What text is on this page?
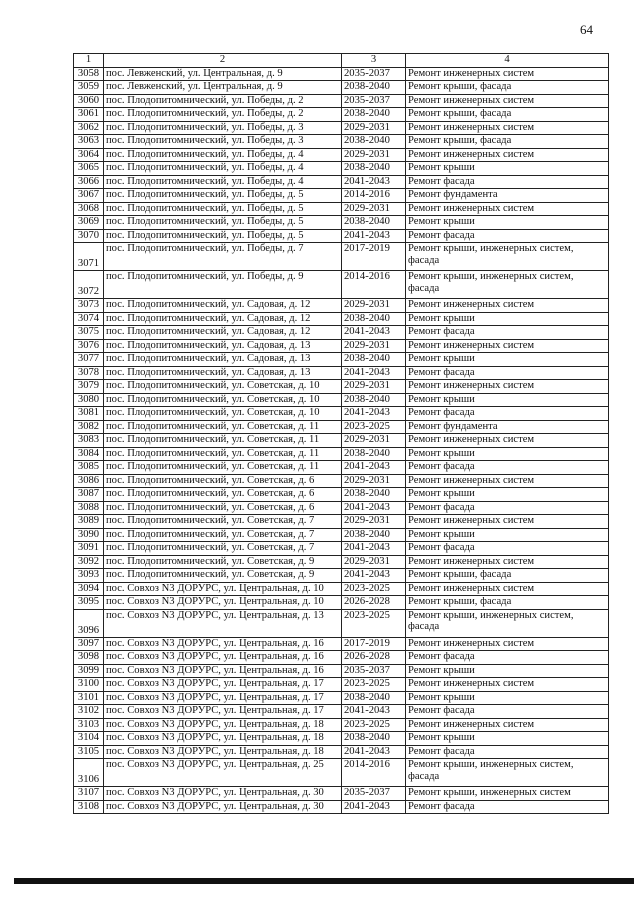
64
1	2	3	4
3058	пос. Левженский, ул. Центральная, д. 9	2035-2037	Ремонт инженерных систем
3059	пос. Левженский, ул. Центральная, д. 9	2038-2040	Ремонт крыши, фасада
3060	пос. Плодопитомнический, ул. Победы, д. 2	2035-2037	Ремонт инженерных систем
3061	пос. Плодопитомнический, ул. Победы, д. 2	2038-2040	Ремонт крыши, фасада
3062	пос. Плодопитомнический, ул. Победы, д. 3	2029-2031	Ремонт инженерных систем
3063	пос. Плодопитомнический, ул. Победы, д. 3	2038-2040	Ремонт крыши, фасада
3064	пос. Плодопитомнический, ул. Победы, д. 4	2029-2031	Ремонт инженерных систем
3065	пос. Плодопитомнический, ул. Победы, д. 4	2038-2040	Ремонт крыши
3066	пос. Плодопитомнический, ул. Победы, д. 4	2041-2043	Ремонт фасада
3067	пос. Плодопитомнический, ул. Победы, д. 5	2014-2016	Ремонт фундамента
3068	пос. Плодопитомнический, ул. Победы, д. 5	2029-2031	Ремонт инженерных систем
3069	пос. Плодопитомнический, ул. Победы, д. 5	2038-2040	Ремонт крыши
3070	пос. Плодопитомнический, ул. Победы, д. 5	2041-2043	Ремонт фасада
3071	пос. Плодопитомнический, ул. Победы, д. 7	2017-2019	Ремонт крыши, инженерных систем, фасада
3072	пос. Плодопитомнический, ул. Победы, д. 9	2014-2016	Ремонт крыши, инженерных систем, фасада
3073	пос. Плодопитомнический, ул. Садовая, д. 12	2029-2031	Ремонт инженерных систем
3074	пос. Плодопитомнический, ул. Садовая, д. 12	2038-2040	Ремонт крыши
3075	пос. Плодопитомнический, ул. Садовая, д. 12	2041-2043	Ремонт фасада
3076	пос. Плодопитомнический, ул. Садовая, д. 13	2029-2031	Ремонт инженерных систем
3077	пос. Плодопитомнический, ул. Садовая, д. 13	2038-2040	Ремонт крыши
3078	пос. Плодопитомнический, ул. Садовая, д. 13	2041-2043	Ремонт фасада
3079	пос. Плодопитомнический, ул. Советская, д. 10	2029-2031	Ремонт инженерных систем
3080	пос. Плодопитомнический, ул. Советская, д. 10	2038-2040	Ремонт крыши
3081	пос. Плодопитомнический, ул. Советская, д. 10	2041-2043	Ремонт фасада
3082	пос. Плодопитомнический, ул. Советская, д. 11	2023-2025	Ремонт фундамента
3083	пос. Плодопитомнический, ул. Советская, д. 11	2029-2031	Ремонт инженерных систем
3084	пос. Плодопитомнический, ул. Советская, д. 11	2038-2040	Ремонт крыши
3085	пос. Плодопитомнический, ул. Советская, д. 11	2041-2043	Ремонт фасада
3086	пос. Плодопитомнический, ул. Советская, д. 6	2029-2031	Ремонт инженерных систем
3087	пос. Плодопитомнический, ул. Советская, д. 6	2038-2040	Ремонт крыши
3088	пос. Плодопитомнический, ул. Советская, д. 6	2041-2043	Ремонт фасада
3089	пос. Плодопитомнический, ул. Советская, д. 7	2029-2031	Ремонт инженерных систем
3090	пос. Плодопитомнический, ул. Советская, д. 7	2038-2040	Ремонт крыши
3091	пос. Плодопитомнический, ул. Советская, д. 7	2041-2043	Ремонт фасада
3092	пос. Плодопитомнический, ул. Советская, д. 9	2029-2031	Ремонт инженерных систем
3093	пос. Плодопитомнический, ул. Советская, д. 9	2041-2043	Ремонт крыши, фасада
3094	пос. Совхоз N3 ДОРУРС, ул. Центральная, д. 10	2023-2025	Ремонт инженерных систем
3095	пос. Совхоз N3 ДОРУРС, ул. Центральная, д. 10	2026-2028	Ремонт крыши, фасада
3096	пос. Совхоз N3 ДОРУРС, ул. Центральная, д. 13	2023-2025	Ремонт крыши, инженерных систем, фасада
3097	пос. Совхоз N3 ДОРУРС, ул. Центральная, д. 16	2017-2019	Ремонт инженерных систем
3098	пос. Совхоз N3 ДОРУРС, ул. Центральная, д. 16	2026-2028	Ремонт фасада
3099	пос. Совхоз N3 ДОРУРС, ул. Центральная, д. 16	2035-2037	Ремонт крыши
3100	пос. Совхоз N3 ДОРУРС, ул. Центральная, д. 17	2023-2025	Ремонт инженерных систем
3101	пос. Совхоз N3 ДОРУРС, ул. Центральная, д. 17	2038-2040	Ремонт крыши
3102	пос. Совхоз N3 ДОРУРС, ул. Центральная, д. 17	2041-2043	Ремонт фасада
3103	пос. Совхоз N3 ДОРУРС, ул. Центральная, д. 18	2023-2025	Ремонт инженерных систем
3104	пос. Совхоз N3 ДОРУРС, ул. Центральная, д. 18	2038-2040	Ремонт крыши
3105	пос. Совхоз N3 ДОРУРС, ул. Центральная, д. 18	2041-2043	Ремонт фасада
3106	пос. Совхоз N3 ДОРУРС, ул. Центральная, д. 25	2014-2016	Ремонт крыши, инженерных систем, фасада
3107	пос. Совхоз N3 ДОРУРС, ул. Центральная, д. 30	2035-2037	Ремонт крыши, инженерных систем
3108	пос. Совхоз N3 ДОРУРС, ул. Центральная, д. 30	2041-2043	Ремонт фасада
